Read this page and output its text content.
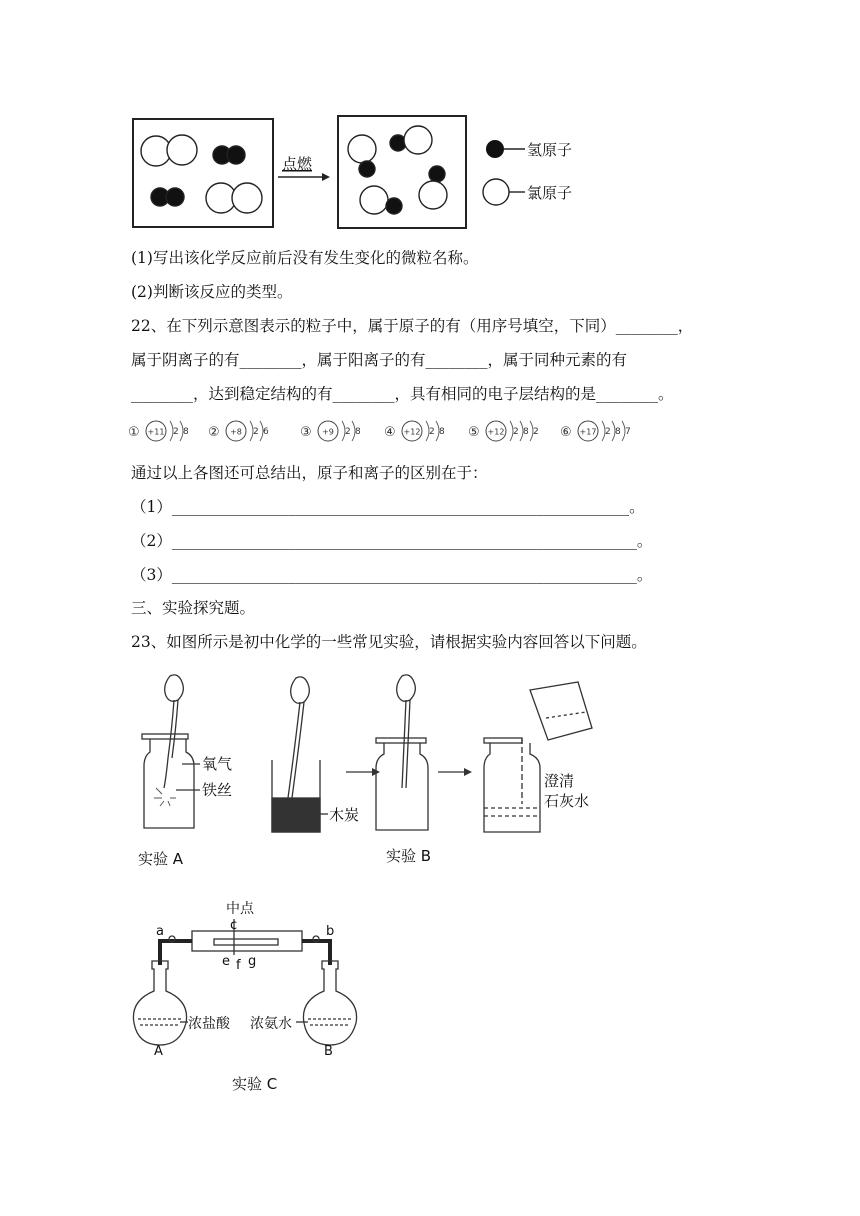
点燃
氢原子
氯原子
(1)写出该化学反应前后没有发生变化的微粒名称。
(2)判断该反应的类型。
22、在下列示意图表示的粒子中，属于原子的有（用序号填空，下同）________，
属于阴离子的有________，属于阳离子的有________，属于同种元素的有
________，达到稳定结构的有________，具有相同的电子层结构的是________。
① +11 2 8 ② +8 2 6 ③ +9 2 8 ④ +12 2 8 ⑤ +12 2 8 2 ⑥ +17 2 8 7
通过以上各图还可总结出，原子和离子的区别在于：
（1）___________________________________________________________。
（2）____________________________________________________________。
（3）____________________________________________________________。
三、实验探究题。
23、如图所示是初中化学的一些常见实验，请根据实验内容回答以下问题。
氧气
铁丝
木炭
澄清
石灰水
实验 A	实验 B
中点
a	b
c
e f g
浓盐酸 浓氨水
A	B
实验 C
